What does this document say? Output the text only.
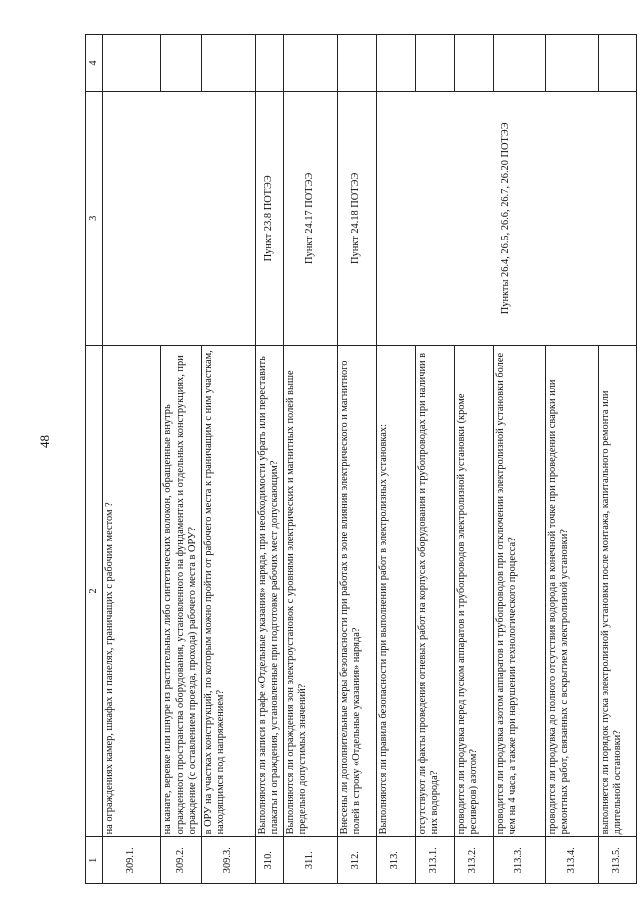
48
1	2	3	4
309.1.	на ограждениях камер, шкафах и панелях, граничащих с рабочим местом ?		
309.2.	на канате, веревке или шнуре из растительных либо синтетических волокон, обращенные внутрь огражденного пространства оборудования, установленного на фундаментах и отдельных конструкциях, при ограждение (с оставлением проезда, прохода) рабочего места в ОРУ?		
309.3.	в ОРУ на участках конструкций, по которым можно пройти от рабочего места к граничащим с ним участкам, находящимся под напряжением?		
310.	Выполняются ли записи в графе «Отдельные указания» наряда, при необходимости убрать или переставить плакаты и ограждения, установленные при подготовке рабочих мест допускающим?	Пункт 23.8 ПОТЭЭ	
311.	Выполняются ли ограждения зон электроустановок с уровнями электрических и магнитных полей выше предельно допустимых значений?	Пункт 24.17 ПОТЭЭ	
312.	Внесены ли дополнительные меры безопасности при работах в зоне влияния электрического и магнитного полей в строку «Отдельные указания» наряда?	Пункт 24.18 ПОТЭЭ	
313.	Выполняются ли правила безопасности при выполнении работ в электролизных установках:	Пункты 26.4, 26.5, 26.6, 26.7, 26.20 ПОТЭЭ	
313.1.	отсутствуют ли факты проведения огневых работ на корпусах оборудования и трубопроводах при наличии в них водорода?		
313.2.	проводится ли продувка перед пуском аппаратов и трубопроводов электролизной установки (кроме ресиверов) азотом?		
313.3.	проводится ли продувка азотом аппаратов и трубопроводов при отключении электролизной установки более чем на 4 часа, а также при нарушении технологического процесса?		
313.4.	проводится ли продувка до полного отсутствия водорода в конечной точке при проведении сварки или ремонтных работ, связанных с вскрытием электролизной установки?		
313.5.	выполняется ли порядок пуска электролизной установки после монтажа, капитального ремонта или длительной остановки?		
